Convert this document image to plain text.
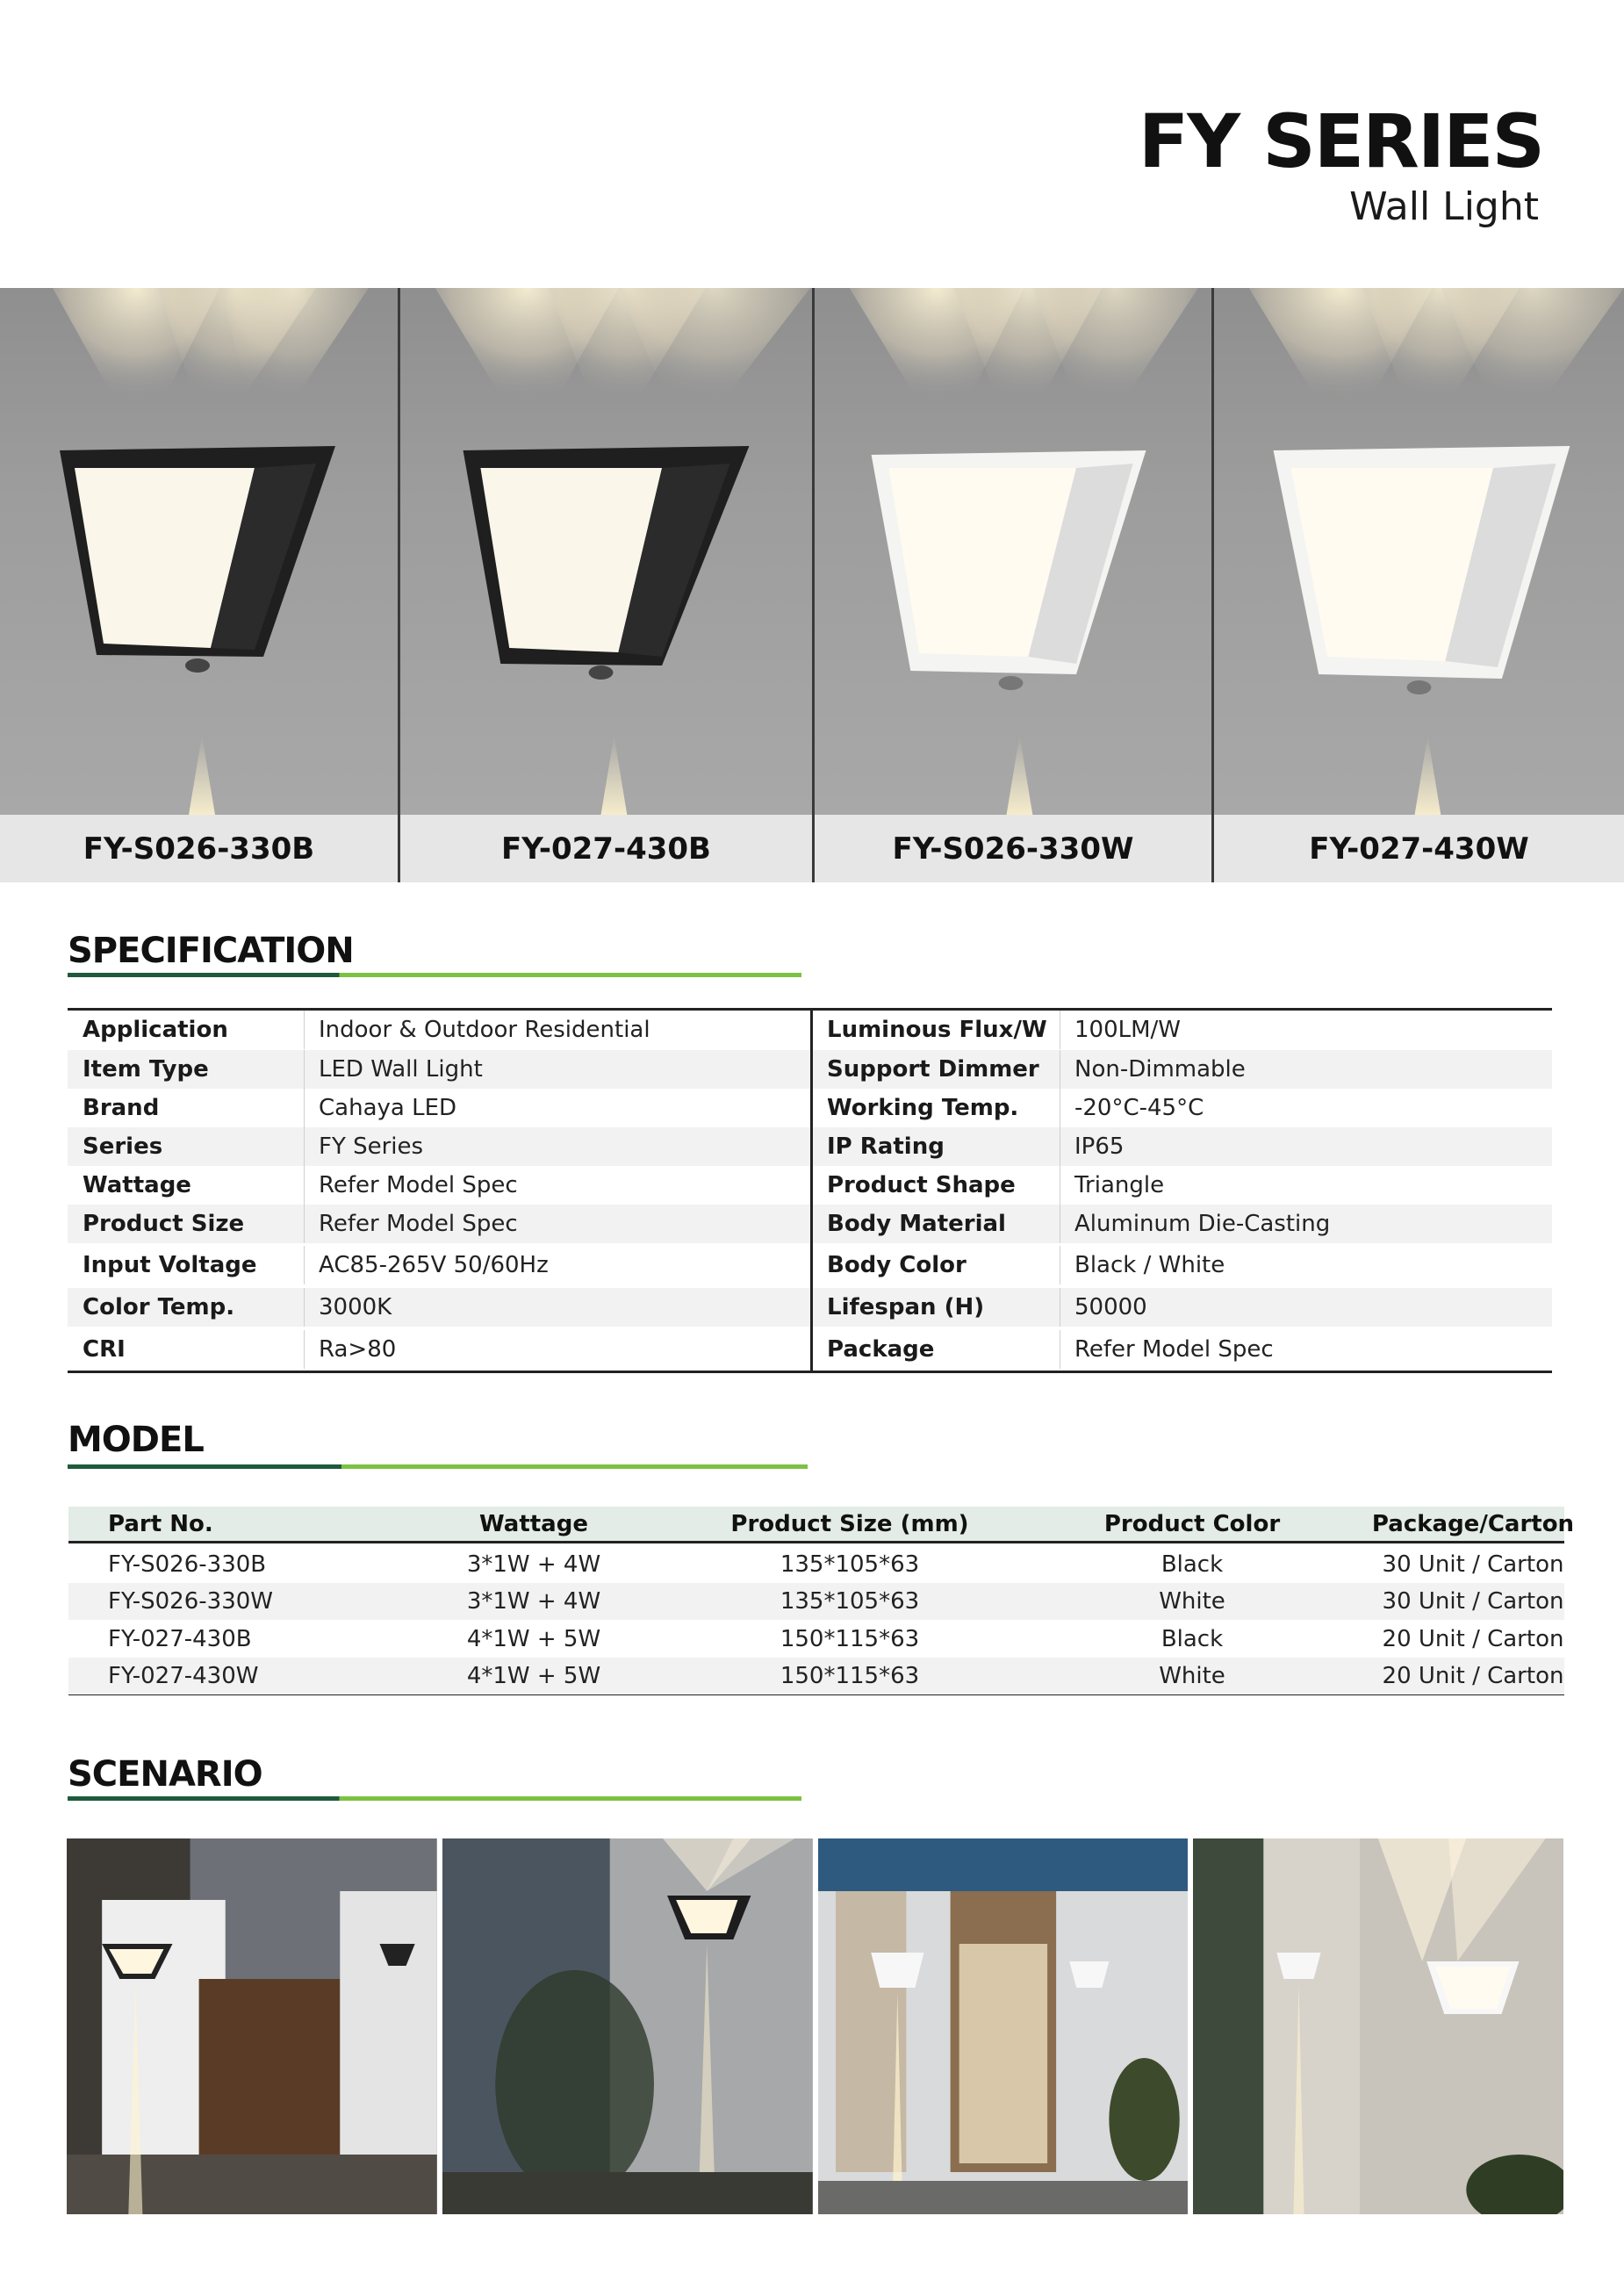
FY SERIES
Wall Light
FY-S026-330B	FY-027-430B	FY-S026-330W	FY-027-430W
SPECIFICATION
Application	Indoor & Outdoor Residential
Item Type	LED Wall Light
Brand	Cahaya LED
Series	FY Series
Wattage	Refer Model Spec
Product Size	Refer Model Spec
Input Voltage	AC85-265V 50/60Hz
Color Temp.	3000K
CRI	Ra>80
Luminous Flux/W	100LM/W
Support Dimmer	Non-Dimmable
Working Temp.	-20°C-45°C
IP Rating	IP65
Product Shape	Triangle
Body Material	Aluminum Die-Casting
Body Color	Black / White
Lifespan (H)	50000
Package	Refer Model Spec
MODEL
Part No.	Wattage	Product Size (mm)	Product Color	Package/Carton
FY-S026-330B	3*1W + 4W	135*105*63	Black	30 Unit / Carton
FY-S026-330W	3*1W + 4W	135*105*63	White	30 Unit / Carton
FY-027-430B	4*1W + 5W	150*115*63	Black	20 Unit / Carton
FY-027-430W	4*1W + 5W	150*115*63	White	20 Unit / Carton
SCENARIO
